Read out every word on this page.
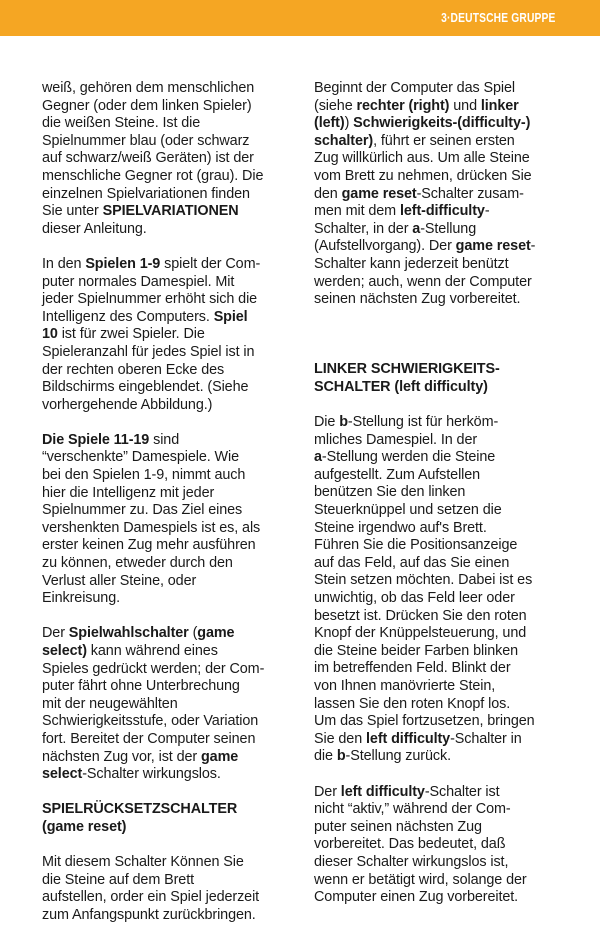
3·DEUTSCHE GRUPPE
weiß, gehören dem menschlichen
Gegner (oder dem linken Spieler)
die weißen Steine. Ist die
Spielnummer blau (oder schwarz
auf schwarz/weiß Geräten) ist der
menschliche Gegner rot (grau). Die
einzelnen Spielvariationen finden
Sie unter SPIELVARIATIONEN
dieser Anleitung.
In den Spielen 1-9 spielt der Com-
puter normales Damespiel. Mit
jeder Spielnummer erhöht sich die
Intelligenz des Computers. Spiel
10 ist für zwei Spieler. Die
Spieleranzahl für jedes Spiel ist in
der rechten oberen Ecke des
Bildschirms eingeblendet. (Siehe
vorhergehende Abbildung.)
Die Spiele 11-19 sind
“verschenkte” Damespiele. Wie
bei den Spielen 1-9, nimmt auch
hier die Intelligenz mit jeder
Spielnummer zu. Das Ziel eines
vershenkten Damespiels ist es, als
erster keinen Zug mehr ausführen
zu können, etweder durch den
Verlust aller Steine, oder
Einkreisung.
Der Spielwahlschalter (game
select) kann während eines
Spieles gedrückt werden; der Com-
puter fährt ohne Unterbrechung
mit der neugewählten
Schwierigkeitsstufe, oder Variation
fort. Bereitet der Computer seinen
nächsten Zug vor, ist der game
select-Schalter wirkungslos.
SPIELRÜCKSETZSCHALTER
(game reset)
Mit diesem Schalter Können Sie
die Steine auf dem Brett
aufstellen, order ein Spiel jederzeit
zum Anfangspunkt zurückbringen.
Beginnt der Computer das Spiel
(siehe rechter (right) und linker
(left)) Schwierigkeits-(difficulty-)
schalter), führt er seinen ersten
Zug willkürlich aus. Um alle Steine
vom Brett zu nehmen, drücken Sie
den game reset-Schalter zusam-
men mit dem left-difficulty-
Schalter, in der a-Stellung
(Aufstellvorgang). Der game reset-
Schalter kann jederzeit benützt
werden; auch, wenn der Computer
seinen nächsten Zug vorbereitet.
LINKER SCHWIERIGKEITS-
SCHALTER (left difficulty)
Die b-Stellung ist für herköm-
mliches Damespiel. In der
a-Stellung werden die Steine
aufgestellt. Zum Aufstellen
benützen Sie den linken
Steuerknüppel und setzen die
Steine irgendwo auf's Brett.
Führen Sie die Positionsanzeige
auf das Feld, auf das Sie einen
Stein setzen möchten. Dabei ist es
unwichtig, ob das Feld leer oder
besetzt ist. Drücken Sie den roten
Knopf der Knüppelsteuerung, und
die Steine beider Farben blinken
im betreffenden Feld. Blinkt der
von Ihnen manövrierte Stein,
lassen Sie den roten Knopf los.
Um das Spiel fortzusetzen, bringen
Sie den left difficulty-Schalter in
die b-Stellung zurück.
Der left difficulty-Schalter ist
nicht “aktiv,” während der Com-
puter seinen nächsten Zug
vorbereitet. Das bedeutet, daß
dieser Schalter wirkungslos ist,
wenn er betätigt wird, solange der
Computer einen Zug vorbereitet.
